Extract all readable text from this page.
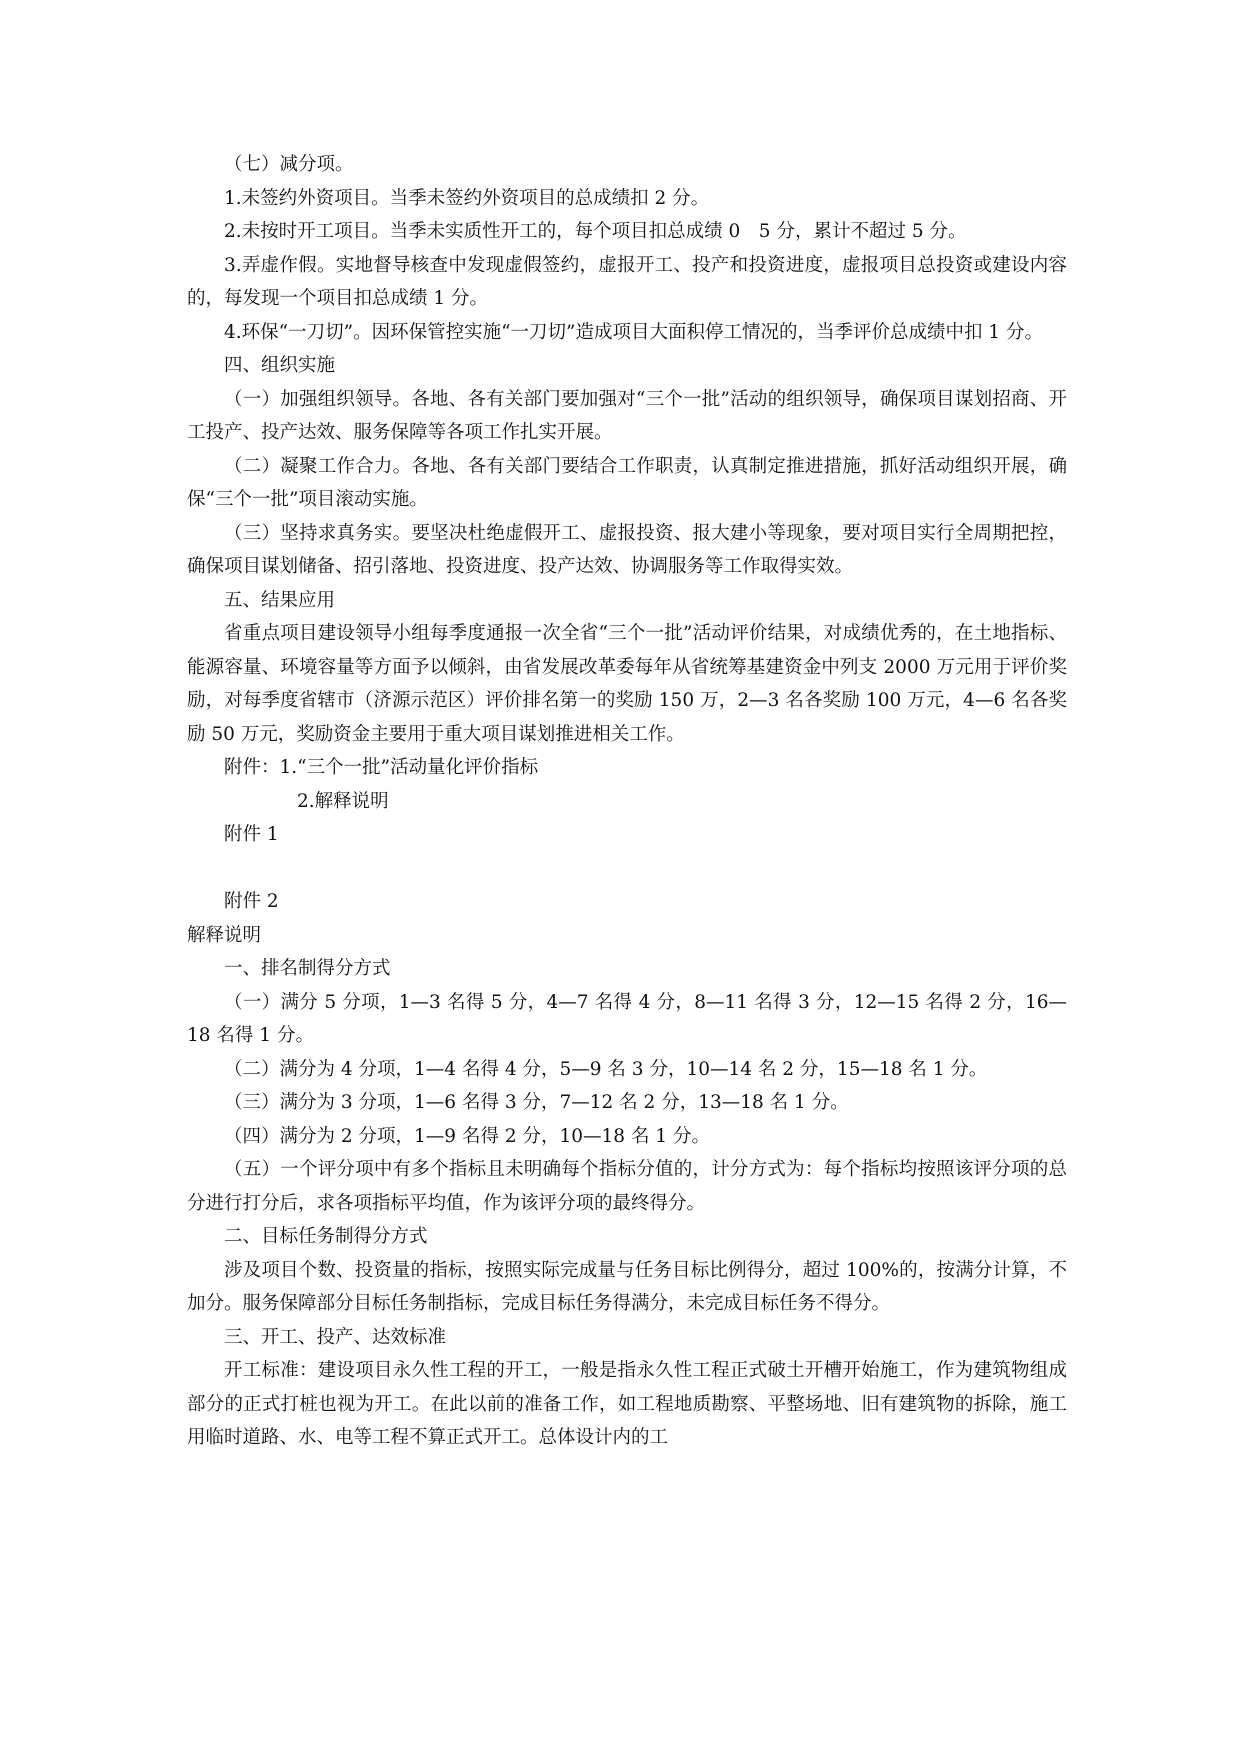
（七）减分项。

1.未签约外资项目。当季未签约外资项目的总成绩扣 2 分。

2.未按时开工项目。当季未实质性开工的，每个项目扣总成绩 0　5 分，累计不超过 5 分。

3.弄虚作假。实地督导核查中发现虚假签约，虚报开工、投产和投资进度，虚报项目总投资或建设内容的，每发现一个项目扣总成绩 1 分。

4.环保“一刀切”。因环保管控实施“一刀切”造成项目大面积停工情况的，当季评价总成绩中扣 1 分。

四、组织实施

（一）加强组织领导。各地、各有关部门要加强对“三个一批”活动的组织领导，确保项目谋划招商、开工投产、投产达效、服务保障等各项工作扎实开展。

（二）凝聚工作合力。各地、各有关部门要结合工作职责，认真制定推进措施，抓好活动组织开展，确保“三个一批”项目滚动实施。

（三）坚持求真务实。要坚决杜绝虚假开工、虚报投资、报大建小等现象，要对项目实行全周期把控，确保项目谋划储备、招引落地、投资进度、投产达效、协调服务等工作取得实效。

五、结果应用

省重点项目建设领导小组每季度通报一次全省“三个一批”活动评价结果，对成绩优秀的，在土地指标、能源容量、环境容量等方面予以倾斜，由省发展改革委每年从省统筹基建资金中列支 2000 万元用于评价奖励，对每季度省辖市（济源示范区）评价排名第一的奖励 150 万，2—3 名各奖励 100 万元，4—6 名各奖励 50 万元，奖励资金主要用于重大项目谋划推进相关工作。

附件：1.“三个一批”活动量化评价指标

2.解释说明

附件 1

附件 2

解释说明

一、排名制得分方式

（一）满分 5 分项，1—3 名得 5 分，4—7 名得 4 分，8—11 名得 3 分，12—15 名得 2 分，16—18 名得 1 分。

（二）满分为 4 分项，1—4 名得 4 分，5—9 名 3 分，10—14 名 2 分，15—18 名 1 分。

（三）满分为 3 分项，1—6 名得 3 分，7—12 名 2 分，13—18 名 1 分。

（四）满分为 2 分项，1—9 名得 2 分，10—18 名 1 分。

（五）一个评分项中有多个指标且未明确每个指标分值的，计分方式为：每个指标均按照该评分项的总分进行打分后，求各项指标平均值，作为该评分项的最终得分。

二、目标任务制得分方式

涉及项目个数、投资量的指标，按照实际完成量与任务目标比例得分，超过 100%的，按满分计算，不加分。服务保障部分目标任务制指标，完成目标任务得满分，未完成目标任务不得分。

三、开工、投产、达效标准

开工标准：建设项目永久性工程的开工，一般是指永久性工程正式破土开槽开始施工，作为建筑物组成部分的正式打桩也视为开工。在此以前的准备工作，如工程地质勘察、平整场地、旧有建筑物的拆除，施工用临时道路、水、电等工程不算正式开工。总体设计内的工
